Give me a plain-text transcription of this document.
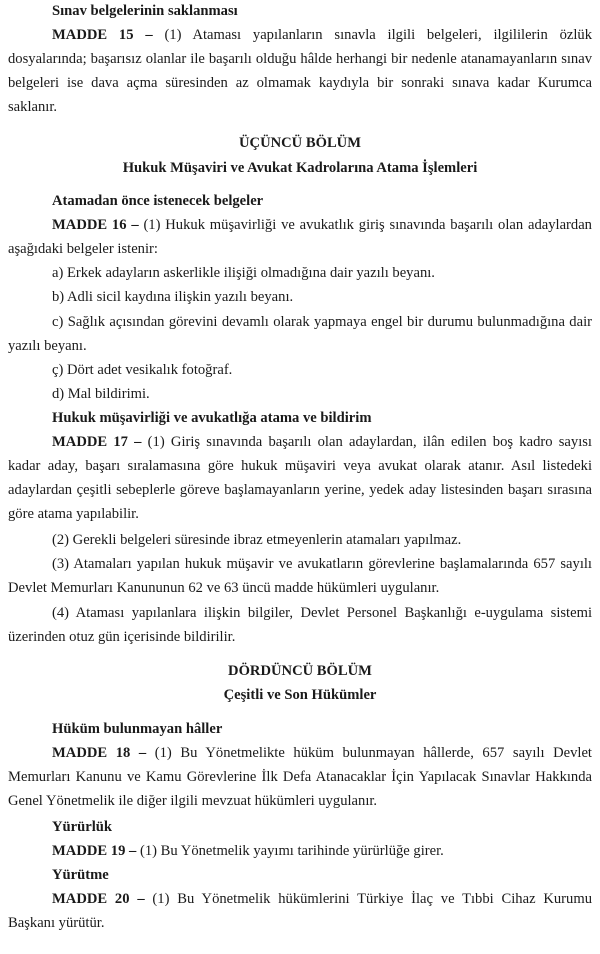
Sınav belgelerinin saklanması

MADDE 15 – (1) Ataması yapılanların sınavla ilgili belgeleri, ilgililerin özlük dosyalarında; başarısız olanlar ile başarılı olduğu hâlde herhangi bir nedenle atanamayanların sınav belgeleri ise dava açma süresinden az olmamak kaydıyla bir sonraki sınava kadar Kurumca saklanır.

ÜÇÜNCÜ BÖLÜM

Hukuk Müşaviri ve Avukat Kadrolarına Atama İşlemleri

Atamadan önce istenecek belgeler

MADDE 16 – (1) Hukuk müşavirliği ve avukatlık giriş sınavında başarılı olan adaylardan aşağıdaki belgeler istenir:

a) Erkek adayların askerlikle ilişiği olmadığına dair yazılı beyanı.

b) Adli sicil kaydına ilişkin yazılı beyanı.

c) Sağlık açısından görevini devamlı olarak yapmaya engel bir durumu bulunmadığına dair yazılı beyanı.

ç) Dört adet vesikalık fotoğraf.

d) Mal bildirimi.

Hukuk müşavirliği ve avukatlığa atama ve bildirim

MADDE 17 – (1) Giriş sınavında başarılı olan adaylardan, ilân edilen boş kadro sayısı kadar aday, başarı sıralamasına göre hukuk müşaviri veya avukat olarak atanır. Asıl listedeki adaylardan çeşitli sebeplerle göreve başlamayanların yerine, yedek aday listesinden başarı sırasına göre atama yapılabilir.

(2) Gerekli belgeleri süresinde ibraz etmeyenlerin atamaları yapılmaz.

(3) Atamaları yapılan hukuk müşavir ve avukatların görevlerine başlamalarında 657 sayılı Devlet Memurları Kanununun 62 ve 63 üncü madde hükümleri uygulanır.

(4) Ataması yapılanlara ilişkin bilgiler, Devlet Personel Başkanlığı e-uygulama sistemi üzerinden otuz gün içerisinde bildirilir.

DÖRDÜNCÜ BÖLÜM

Çeşitli ve Son Hükümler

Hüküm bulunmayan hâller

MADDE 18 – (1) Bu Yönetmelikte hüküm bulunmayan hâllerde, 657 sayılı Devlet Memurları Kanunu ve Kamu Görevlerine İlk Defa Atanacaklar İçin Yapılacak Sınavlar Hakkında Genel Yönetmelik ile diğer ilgili mevzuat hükümleri uygulanır.

Yürürlük

MADDE 19 – (1) Bu Yönetmelik yayımı tarihinde yürürlüğe girer.

Yürütme

MADDE 20 – (1) Bu Yönetmelik hükümlerini Türkiye İlaç ve Tıbbi Cihaz Kurumu Başkanı yürütür.
